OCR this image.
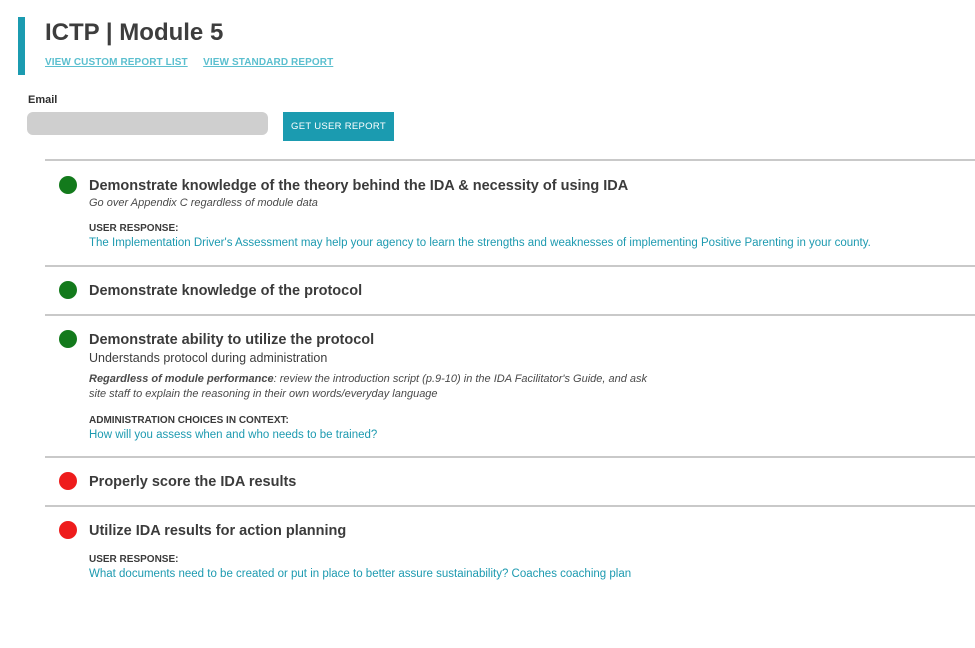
ICTP | Module 5
VIEW CUSTOM REPORT LIST VIEW STANDARD REPORT
Email
GET USER REPORT
Demonstrate knowledge of the theory behind the IDA & necessity of using IDA
Go over Appendix C regardless of module data
USER RESPONSE:
The Implementation Driver's Assessment may help your agency to learn the strengths and weaknesses of implementing Positive Parenting in your county.
Demonstrate knowledge of the protocol
Demonstrate ability to utilize the protocol
Understands protocol during administration
Regardless of module performance: review the introduction script (p.9-10) in the IDA Facilitator's Guide, and ask site staff to explain the reasoning in their own words/everyday language
ADMINISTRATION CHOICES IN CONTEXT:
How will you assess when and who needs to be trained?
Properly score the IDA results
Utilize IDA results for action planning
USER RESPONSE:
What documents need to be created or put in place to better assure sustainability? Coaches coaching plan
